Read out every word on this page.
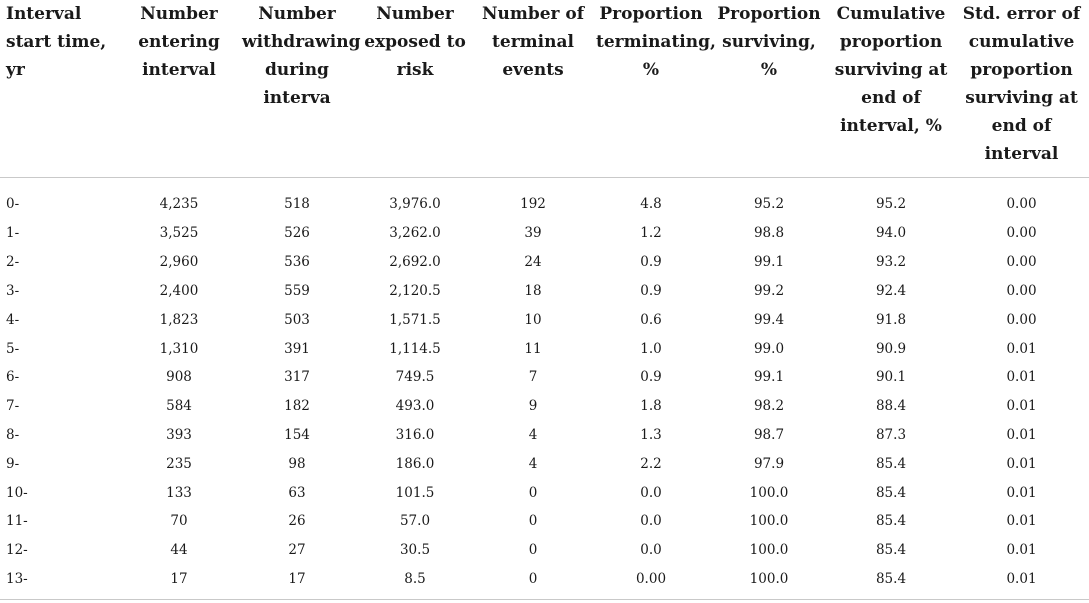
Interval start time, yr	Number entering interval	Number withdrawing during interva	Number exposed to risk	Number of terminal events	Proportion terminating, %	Proportion surviving, %	Cumulative proportion surviving at end of interval, %	Std. error of cumulative proportion surviving at end of interval
0-	4,235	518	3,976.0	192	4.8	95.2	95.2	0.00
1-	3,525	526	3,262.0	39	1.2	98.8	94.0	0.00
2-	2,960	536	2,692.0	24	0.9	99.1	93.2	0.00
3-	2,400	559	2,120.5	18	0.9	99.2	92.4	0.00
4-	1,823	503	1,571.5	10	0.6	99.4	91.8	0.00
5-	1,310	391	1,114.5	11	1.0	99.0	90.9	0.01
6-	908	317	749.5	7	0.9	99.1	90.1	0.01
7-	584	182	493.0	9	1.8	98.2	88.4	0.01
8-	393	154	316.0	4	1.3	98.7	87.3	0.01
9-	235	98	186.0	4	2.2	97.9	85.4	0.01
10-	133	63	101.5	0	0.0	100.0	85.4	0.01
11-	70	26	57.0	0	0.0	100.0	85.4	0.01
12-	44	27	30.5	0	0.0	100.0	85.4	0.01
13-	17	17	8.5	0	0.00	100.0	85.4	0.01
